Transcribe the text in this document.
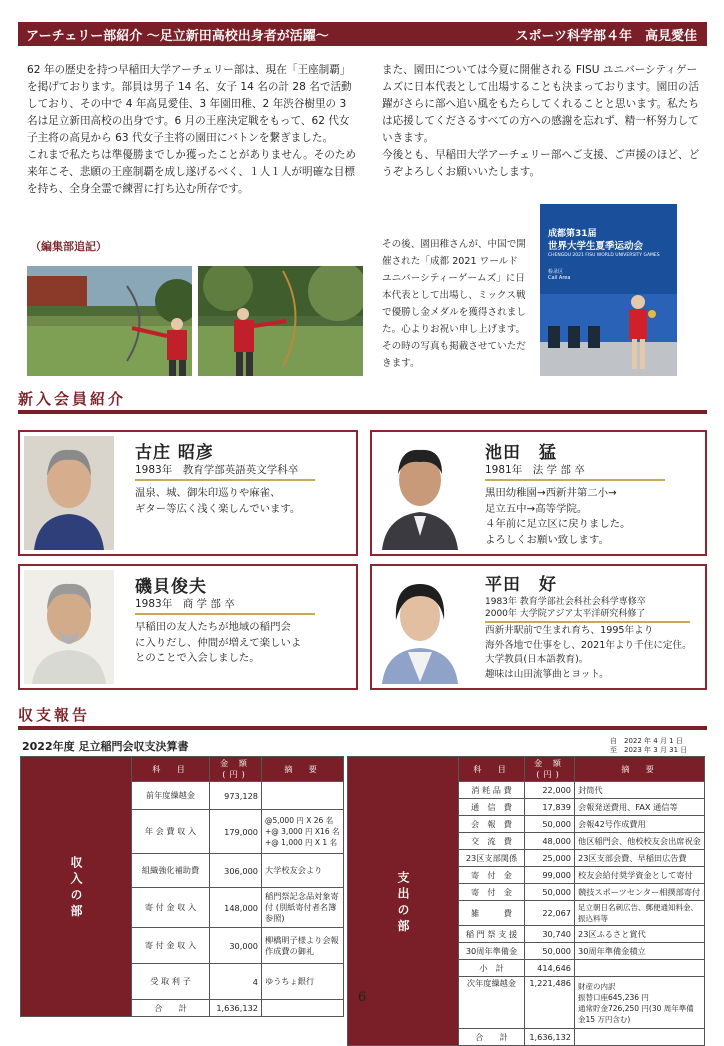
アーチェリー部紹介 〜足立新田高校出身者が活躍〜	スポーツ科学部４年　高見愛佳

62 年の歴史を持つ早稲田大学アーチェリー部は、現在「王座制覇」を掲げております。部員は男子 14 名、女子 14 名の計 28 名で活動しており、その中で 4 年高見愛佳、3 年園田稚、2 年渋谷樹里の 3 名は足立新田高校の出身です。6 月の王座決定戦をもって、62 代女子主将の高見から 63 代女子主将の園田にバトンを繋ぎました。

これまで私たちは準優勝までしか獲ったことがありません。そのため来年こそ、悲願の王座制覇を成し遂げるべく、１人１人が明確な目標を持ち、全身全霊で練習に打ち込む所存です。

また、園田については今夏に開催される FISU ユニバーシティゲームズに日本代表として出場することも決まっております。園田の活躍がさらに部へ追い風をもたらしてくれることと思います。私たちは応援してくださるすべての方への感謝を忘れず、精一杯努力していきます。

今後とも、早稲田大学アーチェリー部へご支援、ご声援のほど、どうぞよろしくお願いいたします。

（編集部追記）	その後、園田稚さんが、中国で開催された「成都 2021 ワールドユニバーシティーゲームズ」に日本代表として出場し、ミックス戦で優勝し金メダルを獲得されました。心よりお祝い申し上げます。その時の写真も掲載させていただきます。
成都第31届
世界大学生夏季运动会
CHENGDU 2021 FISU WORLD UNIVERSITY GAMES
检录区
Call Area
新入会員紹介
古庄 昭彦
1983年　教育学部英語英文学科卒
温泉、城、御朱印巡りや麻雀、
ギター等広く浅く楽しんでいます。
池田　猛
1981年　法 学 部 卒
黒田幼稚園→西新井第二小→
足立五中→高等学院。
４年前に足立区に戻りました。
よろしくお願い致します。
磯貝俊夫
1983年　商 学 部 卒
早稲田の友人たちが地域の稲門会
に入りだし、仲間が増えて楽しいよ
とのことで入会しました。
平田　好
1983年 教育学部社会科社会科学専修卒
2000年 大学院アジア太平洋研究科修了
西新井駅前で生まれ育ち、1995年より
海外各地で仕事をし、2021年より千住に定住。
大学教員(日本語教育)。
趣味は山田流箏曲とヨット。
収支報告
2022年度 足立稲門会収支決算書	自　2022 年 4 月 1 日
至　2023 年 3 月 31 日
収 入 の 部	科　目	金 額(円)	摘　要
	前年度繰越金	973,128	
	年 会 費 収 入	179,000	@5,000 円 X 26 名 +@ 3,000 円 X16 名 +@ 1,000 円 X 1 名
	組織強化補助費	306,000	大学校友会より
	寄 付 金 収 入	148,000	稲門祭記念品対象寄付 (別紙寄付者名簿参照)
	寄 付 金 収 入	30,000	柳橋明子様より会報作成費の御礼
	受 取 利 子	4	ゆうちょ銀行
	合　　計	1,636,132	
支 出 の 部	科　目	金 額(円)	摘　要
	消 耗 品 費	22,000	封筒代
	通　信　費	17,839	会報発送費用、FAX 通信等
	会　報　費	50,000	会報42号作成費用
	交　流　費	48,000	他区稲門会、他校校友会出席祝金
	23区支部関係	25,000	23区支部会費、早稲田広告費
	寄　付　金	99,000	校友会給付奨学資金として寄付
	寄　付　金	50,000	競技スポーツセンター相撲部寄付
	雑　　　費	22,067	足立朝日名刺広告、郵便通知料金、振込料等
	稲 門 祭 支 援	30,740	23区ふるさと賞代
	30周年準備金	50,000	30周年準備金積立
	小　計	414,646	
	次年度繰越金	1,221,486	財産の内訳
振替口座645,236 円
通常貯金726,250 円(30 周年準備金15 万円含む)

	合　　計	1,636,132	
6
